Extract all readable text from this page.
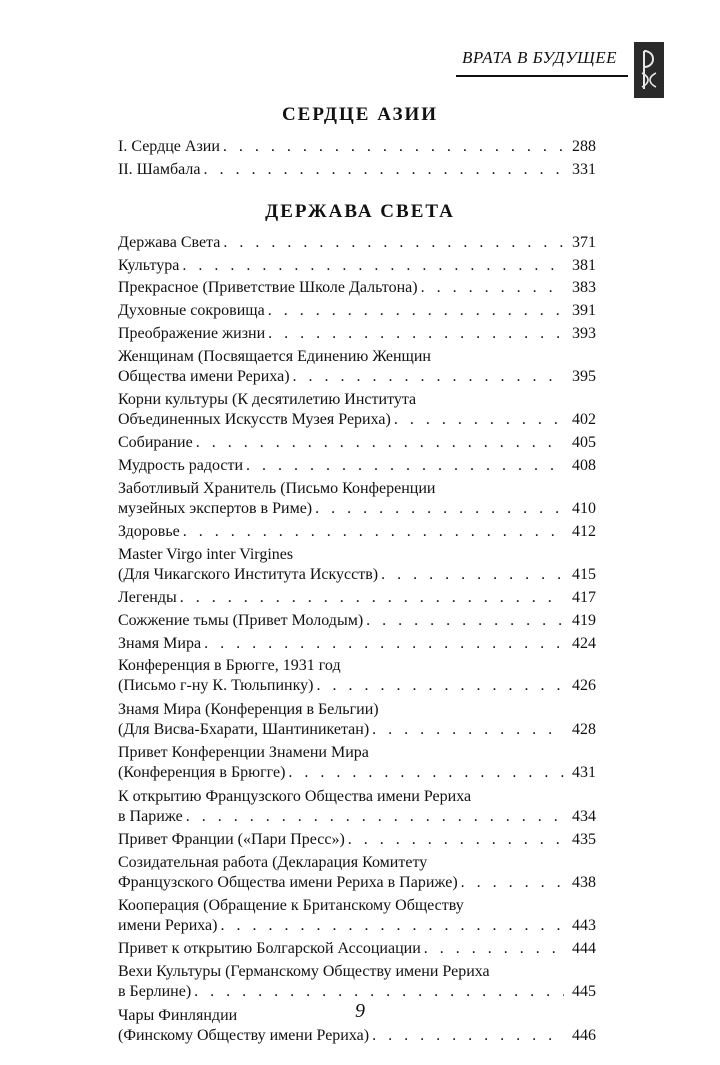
ВРАТА В БУДУЩЕЕ
СЕРДЦЕ АЗИИ
I. Сердце Азии . . .	288
II. Шамбала . . .	331
ДЕРЖАВА СВЕТА
Держава Света . . .	371
Культура . . .	381
Прекрасное (Приветствие Школе Дальтона) . . .	383
Духовные сокровища . . .	391
Преображение жизни . . .	393
Женщинам (Посвящается Единению Женщин
Общества имени Рериха) . . .	395
Корни культуры (К десятилетию Института
Объединенных Искусств Музея Рериха) . . .	402
Собирание . . .	405
Мудрость радости . . .	408
Заботливый Хранитель (Письмо Конференции
музейных экспертов в Риме) . . .	410
Здоровье . . .	412
Master Virgo inter Virgines
(Для Чикагского Института Искусств) . . .	415
Легенды . . .	417
Сожжение тьмы (Привет Молодым) . . .	419
Знамя Мира . . .	424
Конференция в Брюгге, 1931 год
(Письмо г-ну К. Тюльпинку) . . .	426
Знамя Мира (Конференция в Бельгии)
(Для Висва-Бхарати, Шантиникетан) . . .	428
Привет Конференции Знамени Мира
(Конференция в Брюгге) . . .	431
К открытию Французского Общества имени Рериха
в Париже . . .	434
Привет Франции («Пари Пресс») . . .	435
Созидательная работа (Декларация Комитету
Французского Общества имени Рериха в Париже) . . .	438
Кооперация (Обращение к Британскому Обществу
имени Рериха) . . .	443
Привет к открытию Болгарской Ассоциации . . .	444
Вехи Культуры (Германскому Обществу имени Рериха
в Берлине) . . .	445
Чары Финляндии
(Финскому Обществу имени Рериха) . . .	446
9
